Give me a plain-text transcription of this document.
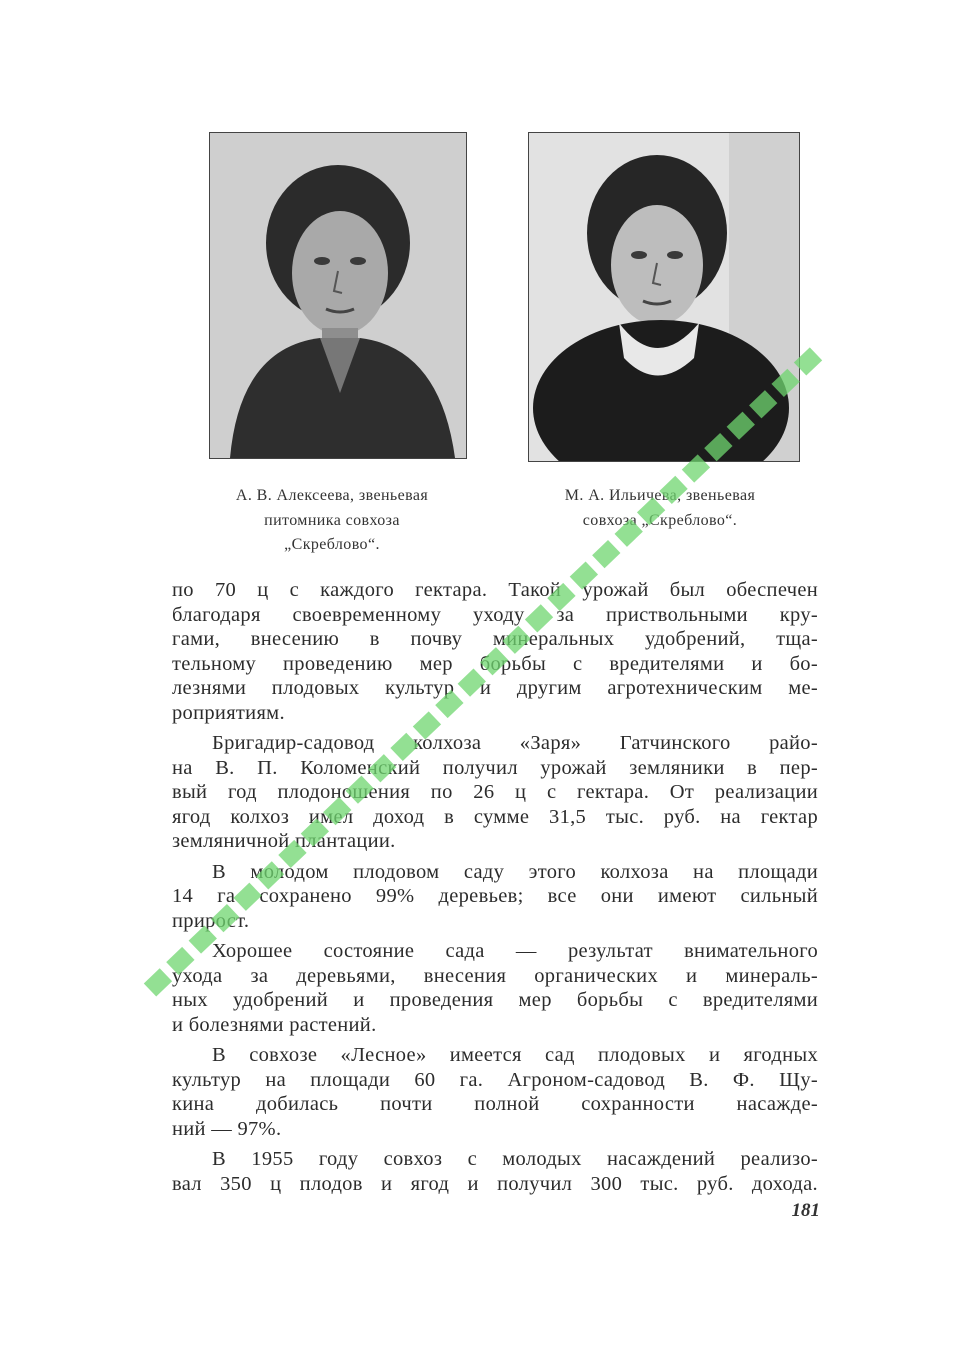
А. В. Алексеева, звеньевая
питомника совхоза
„Скреблово“.
М. А. Ильичева, звеньевая
совхоза „Скреблово“.
по 70 ц с каждого гектара. Такой урожай был обеспечен
благодаря своевременному уходу за приствольными кру-
гами, внесению в почву минеральных удобрений, тща-
тельному проведению мер борьбы с вредителями и бо-
лезнями плодовых культур и другим агротехническим ме-
роприятиям.
Бригадир-садовод колхоза «Заря» Гатчинского райо-
на В. П. Коломенский получил урожай земляники в пер-
вый год плодоношения по 26 ц с гектара. От реализации
ягод колхоз имел доход в сумме 31,5 тыс. руб. на гектар
земляничной плантации.
В молодом плодовом саду этого колхоза на площади
14 га сохранено 99% деревьев; все они имеют сильный
прирост.
Хорошее состояние сада — результат внимательного
ухода за деревьями, внесения органических и минераль-
ных удобрений и проведения мер борьбы с вредителями
и болезнями растений.
В совхозе «Лесное» имеется сад плодовых и ягодных
культур на площади 60 га. Агроном-садовод В. Ф. Щу-
кина добилась почти полной сохранности насажде-
ний — 97%.
В 1955 году совхоз с молодых насаждений реализо-
вал 350 ц плодов и ягод и получил 300 тыс. руб. дохода.
181
